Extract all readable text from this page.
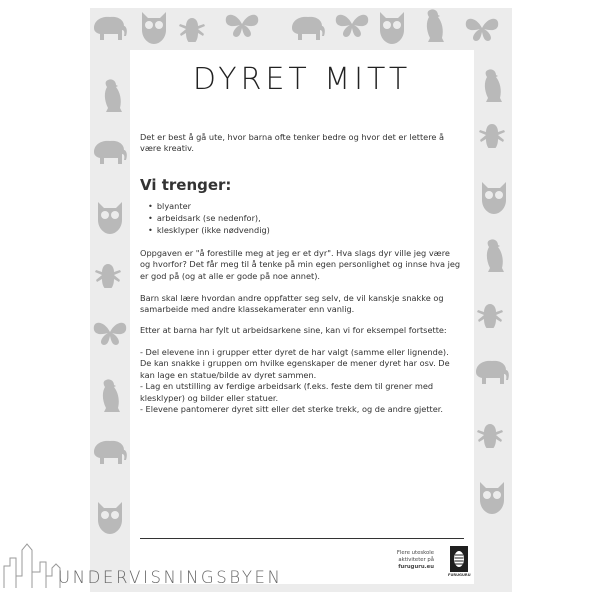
DYRET MITT

Det er best å gå ute, hvor barna ofte tenker bedre og hvor det er lettere å være kreativ.

Vi trenger:
• blyanter
• arbeidsark (se nedenfor),
• klesklyper (ikke nødvendig)

Oppgaven er "å forestille meg at jeg er et dyr". Hva slags dyr ville jeg være og hvorfor? Det får meg til å tenke på min egen personlighet og innse hva jeg er god på (og at alle er gode på noe annet).

Barn skal lære hvordan andre oppfatter seg selv, de vil kanskje snakke og samarbeide med andre klassekamerater enn vanlig.

Etter at barna har fylt ut arbeidsarkene sine, kan vi for eksempel fortsette:

- Del elevene inn i grupper etter dyret de har valgt (samme eller lignende). De kan snakke i gruppen om hvilke egenskaper de mener dyret har osv. De kan lage en statue/bilde av dyret sammen.
- Lag en utstilling av ferdige arbeidsark (f.eks. feste dem til grener med klesklyper) og bilder eller statuer.
- Elevene pantomerer dyret sitt eller det sterke trekk, og de andre gjetter.

Flere uteskole
aktiviteter på
furuguru.eu
FURUGURU
UNDERVISNINGSBYEN
